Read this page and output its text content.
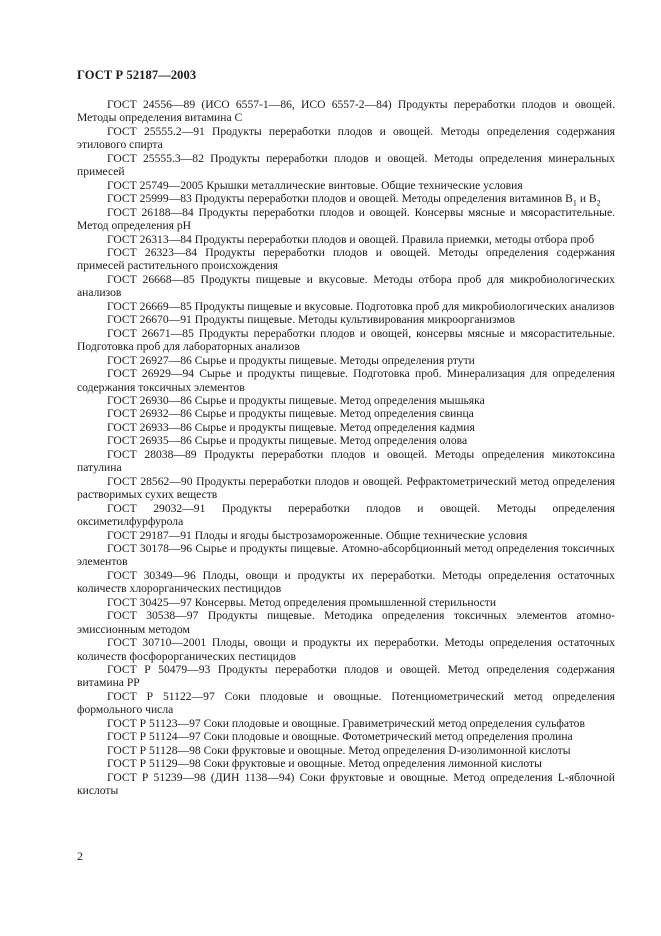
ГОСТ Р 52187—2003
ГОСТ 24556—89 (ИСО 6557-1—86, ИСО 6557-2—84) Продукты переработки плодов и овощей. Методы определения витамина С
ГОСТ 25555.2—91 Продукты переработки плодов и овощей. Методы определения содержания этилового спирта
ГОСТ 25555.3—82 Продукты переработки плодов и овощей. Методы определения минеральных примесей
ГОСТ 25749—2005 Крышки металлические винтовые. Общие технические условия
ГОСТ 25999—83 Продукты переработки плодов и овощей. Методы определения витаминов $B_1$ и $B_2$
ГОСТ 26188—84 Продукты переработки плодов и овощей. Консервы мясные и мясорастительные. Метод определения pH
ГОСТ 26313—84 Продукты переработки плодов и овощей. Правила приемки, методы отбора проб
ГОСТ 26323—84 Продукты переработки плодов и овощей. Методы определения содержания примесей растительного происхождения
ГОСТ 26668—85 Продукты пищевые и вкусовые. Методы отбора проб для микробиологических анализов
ГОСТ 26669—85 Продукты пищевые и вкусовые. Подготовка проб для микробиологических анализов
ГОСТ 26670—91 Продукты пищевые. Методы культивирования микроорганизмов
ГОСТ 26671—85 Продукты переработки плодов и овощей, консервы мясные и мясорастительные. Подготовка проб для лабораторных анализов
ГОСТ 26927—86 Сырье и продукты пищевые. Методы определения ртути
ГОСТ 26929—94 Сырье и продукты пищевые. Подготовка проб. Минерализация для определения содержания токсичных элементов
ГОСТ 26930—86 Сырье и продукты пищевые. Метод определения мышьяка
ГОСТ 26932—86 Сырье и продукты пищевые. Метод определения свинца
ГОСТ 26933—86 Сырье и продукты пищевые. Метод определения кадмия
ГОСТ 26935—86 Сырье и продукты пищевые. Метод определения олова
ГОСТ 28038—89 Продукты переработки плодов и овощей. Методы определения микотоксина патулина
ГОСТ 28562—90 Продукты переработки плодов и овощей. Рефрактометрический метод определения растворимых сухих веществ
ГОСТ 29032—91 Продукты переработки плодов и овощей. Методы определения оксиметилфурфурола
ГОСТ 29187—91 Плоды и ягоды быстрозамороженные. Общие технические условия
ГОСТ 30178—96 Сырье и продукты пищевые. Атомно-абсорбционный метод определения токсичных элементов
ГОСТ 30349—96 Плоды, овощи и продукты их переработки. Методы определения остаточных количеств хлорорганических пестицидов
ГОСТ 30425—97 Консервы. Метод определения промышленной стерильности
ГОСТ 30538—97 Продукты пищевые. Методика определения токсичных элементов атомно-эмиссионным методом
ГОСТ 30710—2001 Плоды, овощи и продукты их переработки. Методы определения остаточных количеств фосфорорганических пестицидов
ГОСТ Р 50479—93 Продукты переработки плодов и овощей. Метод определения содержания витамина РР
ГОСТ Р 51122—97 Соки плодовые и овощные. Потенциометрический метод определения формольного числа
ГОСТ Р 51123—97 Соки плодовые и овощные. Гравиметрический метод определения сульфатов
ГОСТ Р 51124—97 Соки плодовые и овощные. Фотометрический метод определения пролина
ГОСТ Р 51128—98 Соки фруктовые и овощные. Метод определения D-изолимонной кислоты
ГОСТ Р 51129—98 Соки фруктовые и овощные. Метод определения лимонной кислоты
ГОСТ Р 51239—98 (ДИН 1138—94) Соки фруктовые и овощные. Метод определения L-яблочной кислоты
2
